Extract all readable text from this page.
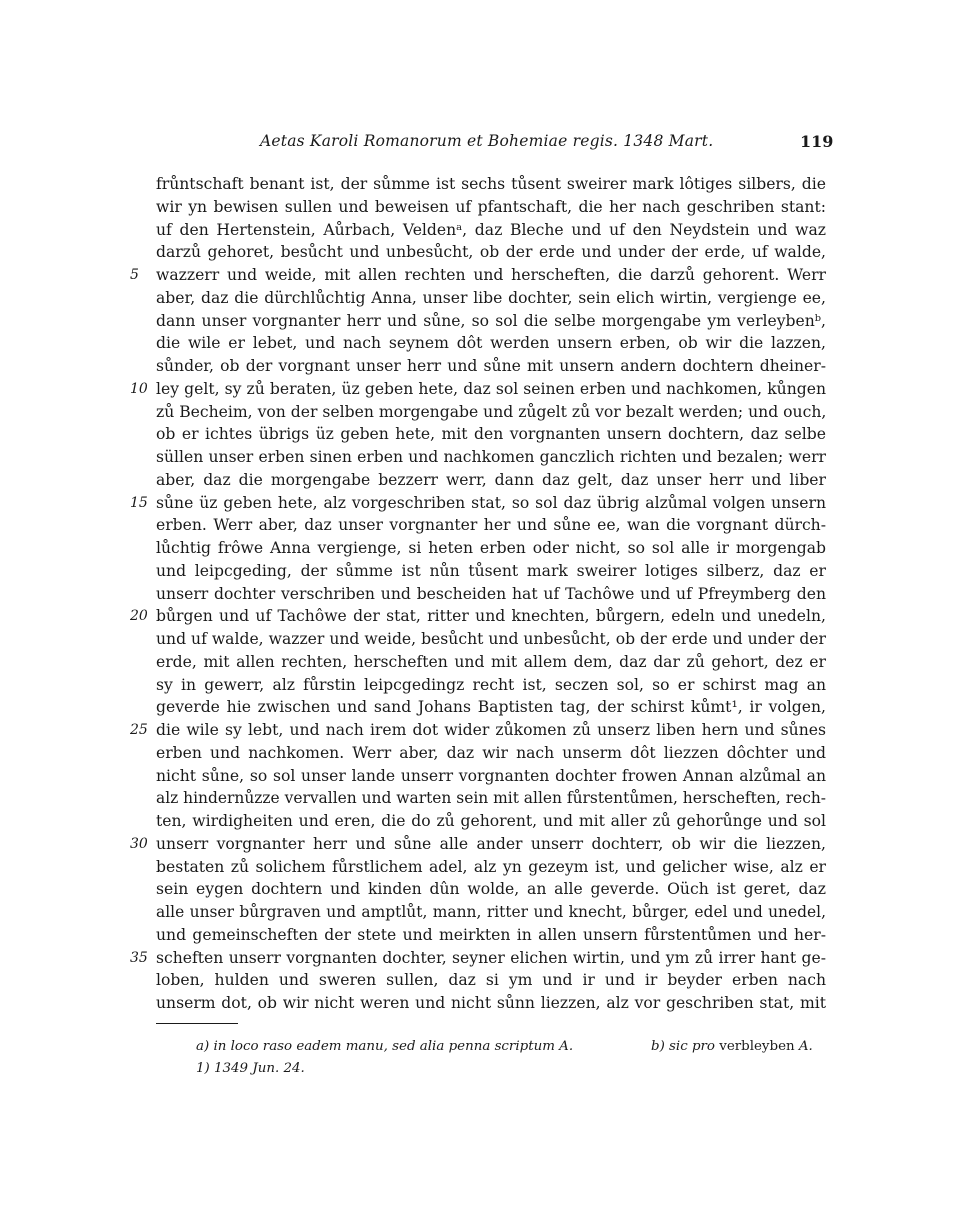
Aetas Karoli Romanorum et Bohemiae regis. 1348 Mart.	119
frůntschaft benant ist, der sůmme ist sechs tůsent sweirer mark lôtiges silbers, die
wir yn bewisen sullen und beweisen uf pfantschaft, die her nach geschriben stant:
uf den Hertenstein, Aůrbach, Veldenᵃ, daz Bleche und uf den Neydstein und waz
darzů gehoret, besůcht und unbesůcht, ob der erde und under der erde, uf walde,
wazzerr und weide, mit allen rechten und herscheften, die darzů gehorent. Werr
5
aber, daz die dürchlůchtig Anna, unser libe dochter, sein elich wirtin, vergienge ee,
dann unser vorgnanter herr und sůne, so sol die selbe morgengabe ym verleybenᵇ,
die wile er lebet, und nach seynem dôt werden unsern erben, ob wir die lazzen,
sůnder, ob der vorgnant unser herr und sůne mit unsern andern dochtern dheiner-
ley gelt, sy zů beraten, üz geben hete, daz sol seinen erben und nachkomen, kůngen
10
zů Becheim, von der selben morgengabe und zůgelt zů vor bezalt werden; und ouch,
ob er ichtes übrigs üz geben hete, mit den vorgnanten unsern dochtern, daz selbe
süllen unser erben sinen erben und nachkomen ganczlich richten und bezalen; werr
aber, daz die morgengabe bezzerr werr, dann daz gelt, daz unser herr und liber
sůne üz geben hete, alz vorgeschriben stat, so sol daz übrig alzůmal volgen unsern
15
erben. Werr aber, daz unser vorgnanter her und sůne ee, wan die vorgnant dürch-
lůchtig frôwe Anna vergienge, si heten erben oder nicht, so sol alle ir morgengab
und leipcgeding, der sůmme ist nůn tůsent mark sweirer lotiges silberz, daz er
unserr dochter verschriben und bescheiden hat uf Tachôwe und uf Pfreymberg den
bůrgen und uf Tachôwe der stat, ritter und knechten, bůrgern, edeln und unedeln,
20
und uf walde, wazzer und weide, besůcht und unbesůcht, ob der erde und under der
erde, mit allen rechten, herscheften und mit allem dem, daz dar zů gehort, dez er
sy in gewerr, alz fůrstin leipcgedingz recht ist, seczen sol, so er schirst mag an
geverde hie zwischen und sand Johans Baptisten tag, der schirst kůmt¹, ir volgen,
die wile sy lebt, und nach irem dot wider zůkomen zů unserz liben hern und sůnes
25
erben und nachkomen. Werr aber, daz wir nach unserm dôt liezzen dôchter und
nicht sůne, so sol unser lande unserr vorgnanten dochter frowen Annan alzůmal an
alz hindernůzze vervallen und warten sein mit allen fůrstentůmen, herscheften, rech-
ten, wirdigheiten und eren, die do zů gehorent, und mit aller zů gehorůnge und sol
unserr vorgnanter herr und sůne alle ander unserr dochterr, ob wir die liezzen,
30
bestaten zů solichem fůrstlichem adel, alz yn gezeym ist, und gelicher wise, alz er
sein eygen dochtern und kinden dûn wolde, an alle geverde. Oüch ist geret, daz
alle unser bůrgraven und amptlůt, mann, ritter und knecht, bůrger, edel und unedel,
und gemeinscheften der stete und meirkten in allen unsern fůrstentůmen und her-
scheften unserr vorgnanten dochter, seyner elichen wirtin, und ym zů irrer hant ge-
35
loben, hulden und sweren sullen, daz si ym und ir und ir beyder erben nach
unserm dot, ob wir nicht weren und nicht sůnn liezzen, alz vor geschriben stat, mit
a) in loco raso eadem manu, sed alia penna scriptum A.	b) sic pro verbleyben A.
1) 1349 Jun. 24.
